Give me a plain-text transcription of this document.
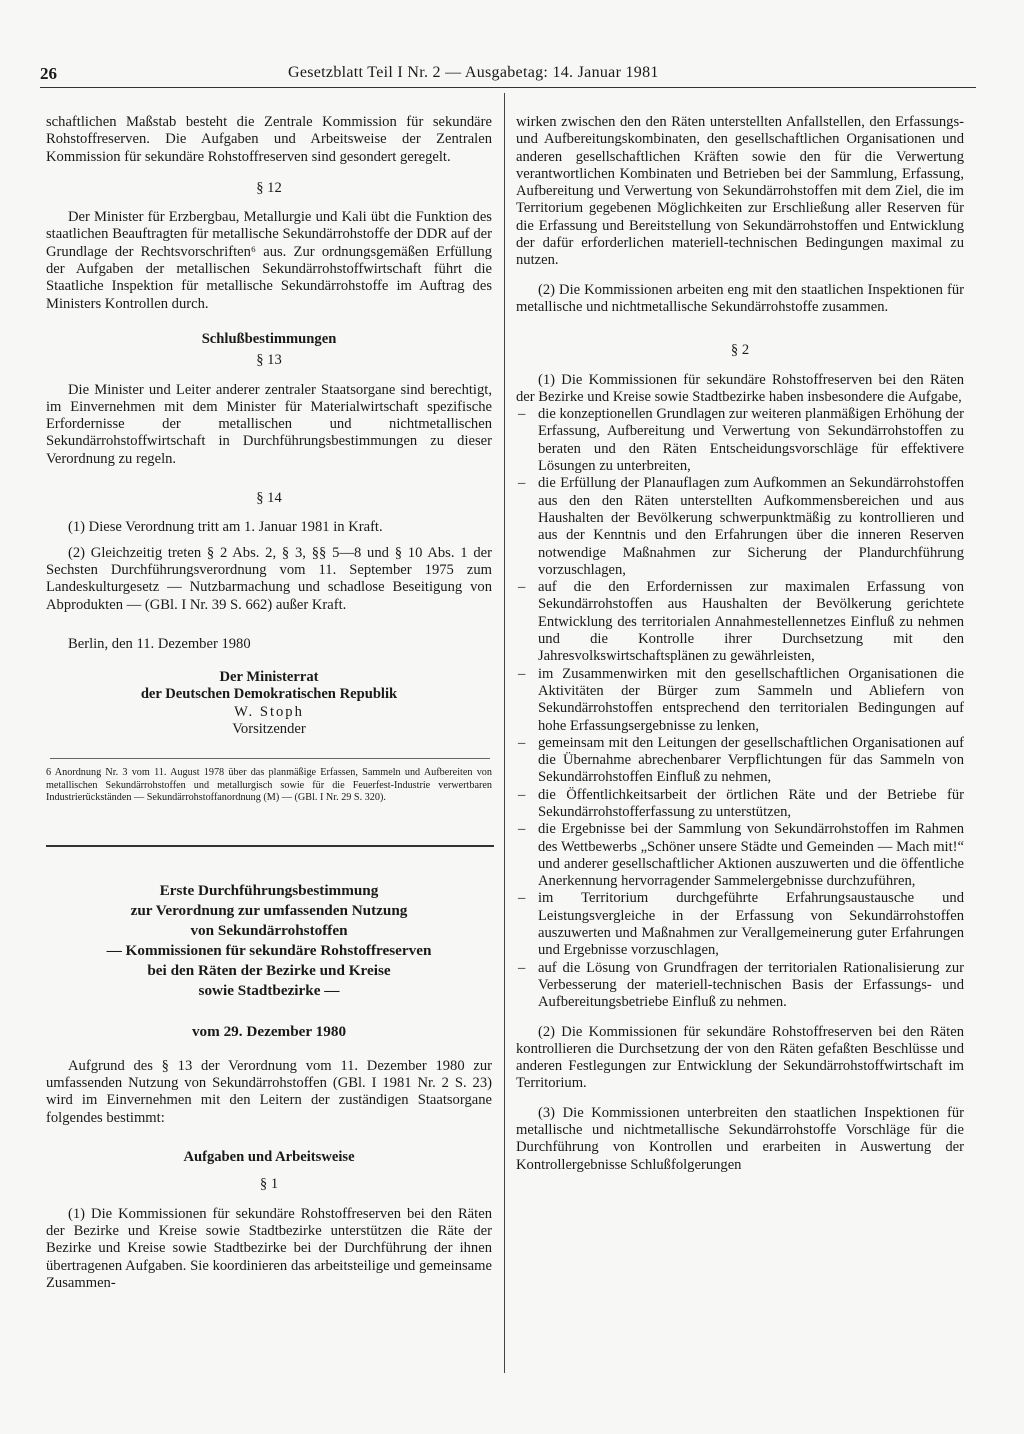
26	Gesetzblatt Teil I Nr. 2 — Ausgabetag: 14. Januar 1981

schaftlichen Maßstab besteht die Zentrale Kommission für sekundäre Rohstoffreserven. Die Aufgaben und Arbeitsweise der Zentralen Kommission für sekundäre Rohstoffreserven sind gesondert geregelt.

§ 12

Der Minister für Erzbergbau, Metallurgie und Kali übt die Funktion des staatlichen Beauftragten für metallische Sekundärrohstoffe der DDR auf der Grundlage der Rechtsvorschriften⁶ aus. Zur ordnungsgemäßen Erfüllung der Aufgaben der metallischen Sekundärrohstoffwirtschaft führt die Staatliche Inspektion für metallische Sekundärrohstoffe im Auftrag des Ministers Kontrollen durch.

Schlußbestimmungen
§ 13

Die Minister und Leiter anderer zentraler Staatsorgane sind berechtigt, im Einvernehmen mit dem Minister für Materialwirtschaft spezifische Erfordernisse der metallischen und nichtmetallischen Sekundärrohstoffwirtschaft in Durchführungsbestimmungen zu dieser Verordnung zu regeln.

§ 14

(1) Diese Verordnung tritt am 1. Januar 1981 in Kraft.

(2) Gleichzeitig treten § 2 Abs. 2, § 3, §§ 5—8 und § 10 Abs. 1 der Sechsten Durchführungsverordnung vom 11. September 1975 zum Landeskulturgesetz — Nutzbarmachung und schadlose Beseitigung von Abprodukten — (GBl. I Nr. 39 S. 662) außer Kraft.

Berlin, den 11. Dezember 1980

Der Ministerrat
der Deutschen Demokratischen Republik
W. Stoph
Vorsitzender

6 Anordnung Nr. 3 vom 11. August 1978 über das planmäßige Erfassen, Sammeln und Aufbereiten von metallischen Sekundärrohstoffen und metallurgisch sowie für die Feuerfest-Industrie verwertbaren Industrierückständen — Sekundärrohstoffanordnung (M) — (GBl. I Nr. 29 S. 320).

Erste Durchführungsbestimmung
zur Verordnung zur umfassenden Nutzung
von Sekundärrohstoffen
— Kommissionen für sekundäre Rohstoffreserven
bei den Räten der Bezirke und Kreise
sowie Stadtbezirke —
vom 29. Dezember 1980

Aufgrund des § 13 der Verordnung vom 11. Dezember 1980 zur umfassenden Nutzung von Sekundärrohstoffen (GBl. I 1981 Nr. 2 S. 23) wird im Einvernehmen mit den Leitern der zuständigen Staatsorgane folgendes bestimmt:

Aufgaben und Arbeitsweise
§ 1

(1) Die Kommissionen für sekundäre Rohstoffreserven bei den Räten der Bezirke und Kreise sowie Stadtbezirke unterstützen die Räte der Bezirke und Kreise sowie Stadtbezirke bei der Durchführung der ihnen übertragenen Aufgaben. Sie koordinieren das arbeitsteilige und gemeinsame Zusammen-

wirken zwischen den den Räten unterstellten Anfallstellen, den Erfassungs- und Aufbereitungskombinaten, den gesellschaftlichen Organisationen und anderen gesellschaftlichen Kräften sowie den für die Verwertung verantwortlichen Kombinaten und Betrieben bei der Sammlung, Erfassung, Aufbereitung und Verwertung von Sekundärrohstoffen mit dem Ziel, die im Territorium gegebenen Möglichkeiten zur Erschließung aller Reserven für die Erfassung und Bereitstellung von Sekundärrohstoffen und Entwicklung der dafür erforderlichen materiell-technischen Bedingungen maximal zu nutzen.

(2) Die Kommissionen arbeiten eng mit den staatlichen Inspektionen für metallische und nichtmetallische Sekundärrohstoffe zusammen.

§ 2

(1) Die Kommissionen für sekundäre Rohstoffreserven bei den Räten der Bezirke und Kreise sowie Stadtbezirke haben insbesondere die Aufgabe,

– die konzeptionellen Grundlagen zur weiteren planmäßigen Erhöhung der Erfassung, Aufbereitung und Verwertung von Sekundärrohstoffen zu beraten und den Räten Entscheidungsvorschläge für effektivere Lösungen zu unterbreiten,
– die Erfüllung der Planauflagen zum Aufkommen an Sekundärrohstoffen aus den den Räten unterstellten Aufkommensbereichen und aus Haushalten der Bevölkerung schwerpunktmäßig zu kontrollieren und aus der Kenntnis und den Erfahrungen über die inneren Reserven notwendige Maßnahmen zur Sicherung der Plandurchführung vorzuschlagen,
– auf die den Erfordernissen zur maximalen Erfassung von Sekundärrohstoffen aus Haushalten der Bevölkerung gerichtete Entwicklung des territorialen Annahmestellennetzes Einfluß zu nehmen und die Kontrolle ihrer Durchsetzung mit den Jahresvolkswirtschaftsplänen zu gewährleisten,
– im Zusammenwirken mit den gesellschaftlichen Organisationen die Aktivitäten der Bürger zum Sammeln und Abliefern von Sekundärrohstoffen entsprechend den territorialen Bedingungen auf hohe Erfassungsergebnisse zu lenken,
– gemeinsam mit den Leitungen der gesellschaftlichen Organisationen auf die Übernahme abrechenbarer Verpflichtungen für das Sammeln von Sekundärrohstoffen Einfluß zu nehmen,
– die Öffentlichkeitsarbeit der örtlichen Räte und der Betriebe für Sekundärrohstofferfassung zu unterstützen,
– die Ergebnisse bei der Sammlung von Sekundärrohstoffen im Rahmen des Wettbewerbs „Schöner unsere Städte und Gemeinden — Mach mit!“ und anderer gesellschaftlicher Aktionen auszuwerten und die öffentliche Anerkennung hervorragender Sammelergebnisse durchzuführen,
– im Territorium durchgeführte Erfahrungsaustausche und Leistungsvergleiche in der Erfassung von Sekundärrohstoffen auszuwerten und Maßnahmen zur Verallgemeinerung guter Erfahrungen und Ergebnisse vorzuschlagen,
– auf die Lösung von Grundfragen der territorialen Rationalisierung zur Verbesserung der materiell-technischen Basis der Erfassungs- und Aufbereitungsbetriebe Einfluß zu nehmen.

(2) Die Kommissionen für sekundäre Rohstoffreserven bei den Räten kontrollieren die Durchsetzung der von den Räten gefaßten Beschlüsse und anderen Festlegungen zur Entwicklung der Sekundärrohstoffwirtschaft im Territorium.

(3) Die Kommissionen unterbreiten den staatlichen Inspektionen für metallische und nichtmetallische Sekundärrohstoffe Vorschläge für die Durchführung von Kontrollen und erarbeiten in Auswertung der Kontrollergebnisse Schlußfolgerungen
